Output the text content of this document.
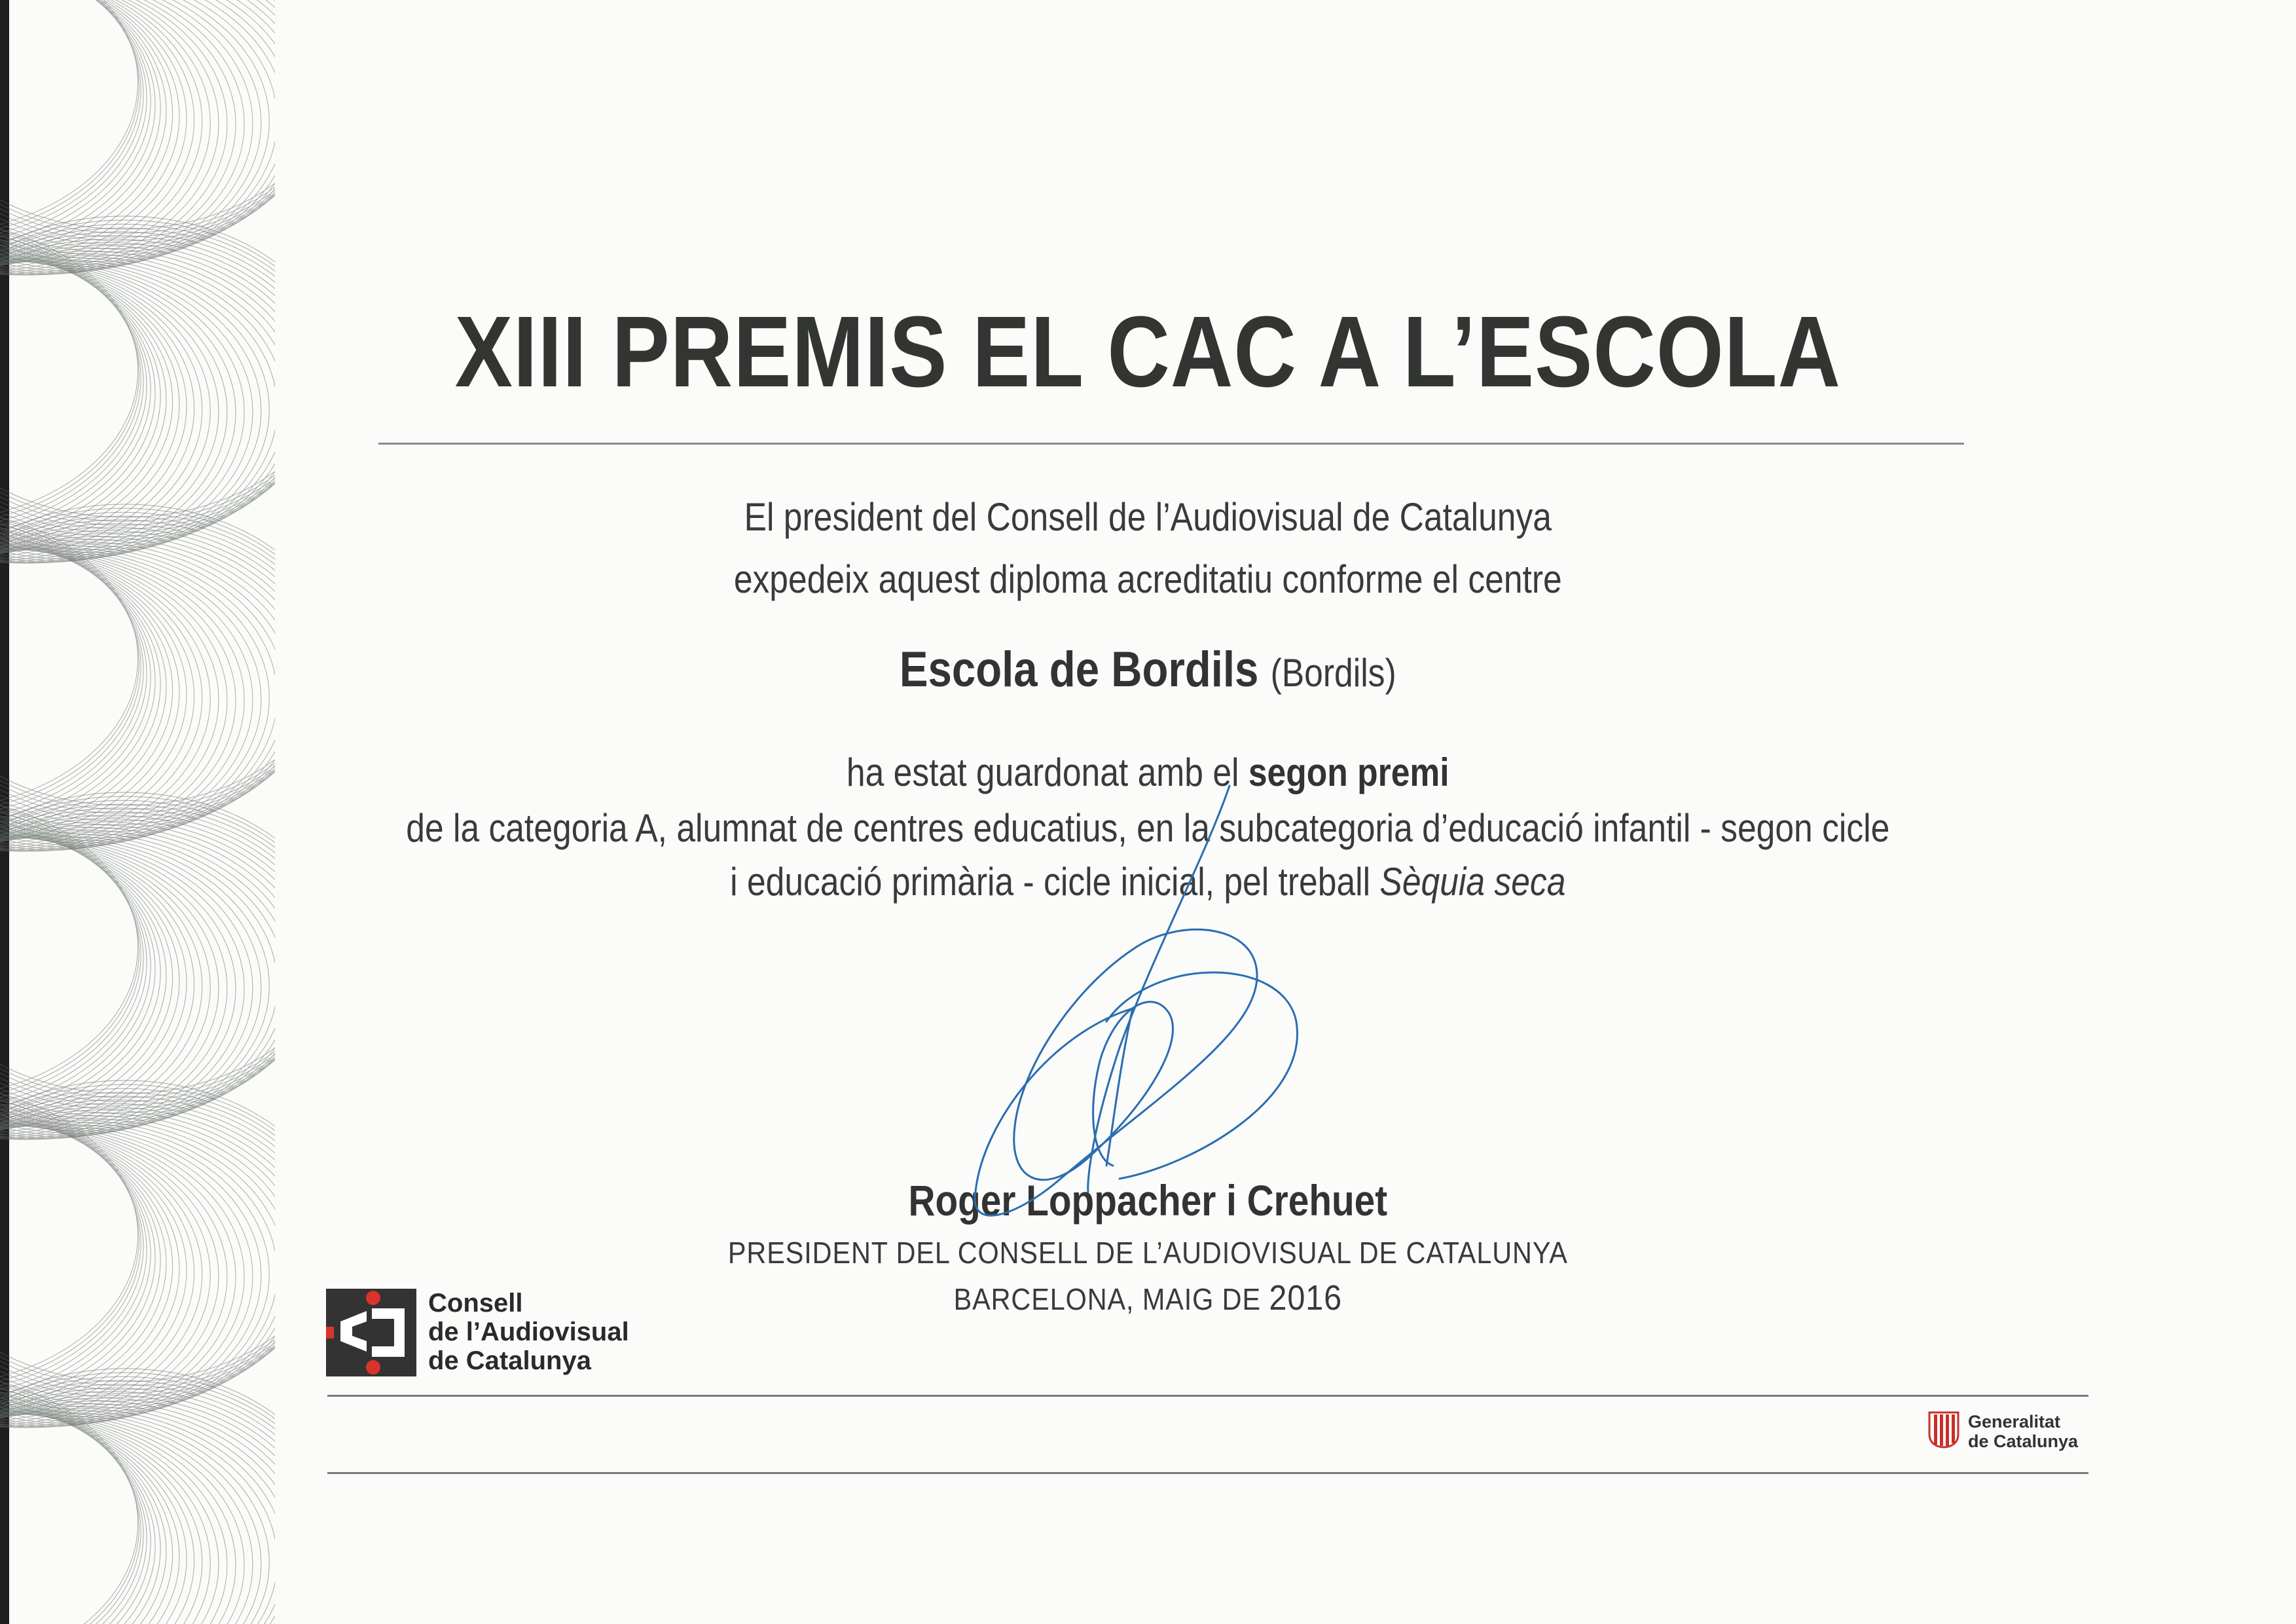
XIII PREMIS EL CAC A L’ESCOLA
El president del Consell de l’Audiovisual de Catalunya
expedeix aquest diploma acreditatiu conforme el centre
Escola de Bordils (Bordils)
ha estat guardonat amb el segon premi
de la categoria A, alumnat de centres educatius, en la subcategoria d’educació infantil - segon cicle
i educació primària - cicle inicial, pel treball Sèquia seca
Roger Loppacher i Crehuet
PRESIDENT DEL CONSELL DE L’AUDIOVISUAL DE CATALUNYA
BARCELONA, MAIG DE 2016
Consell
de l’Audiovisual
de Catalunya
Generalitat
de Catalunya
